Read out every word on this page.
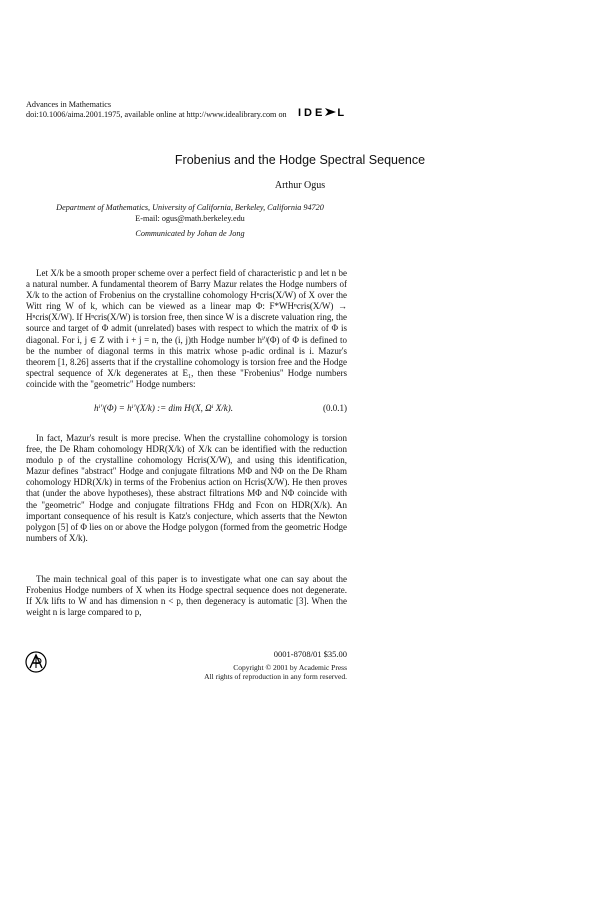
Advances in Mathematics
doi:10.1006/aima.2001.1975, available online at http://www.idealibrary.com on IDE L
Frobenius and the Hodge Spectral Sequence
Arthur Ogus
Department of Mathematics, University of California, Berkeley, California 94720
E-mail: ogus@math.berkeley.edu
Communicated by Johan de Jong

Let X/k be a smooth proper scheme over a perfect field of characteristic p and let n be a natural number. A fundamental theorem of Barry Mazur relates the Hodge numbers of X/k to the action of Frobenius on the crystalline cohomology Hⁿcris(X/W) of X over the Witt ring W of k, which can be viewed as a linear map Φ: F*WHⁿcris(X/W) → Hⁿcris(X/W). If Hⁿcris(X/W) is torsion free, then since W is a discrete valuation ring, the source and target of Φ admit (unrelated) bases with respect to which the matrix of Φ is diagonal. For i, j ∈ Z with i + j = n, the (i, j)th Hodge number hⁱ'ʲ(Φ) of Φ is defined to be the number of diagonal terms in this matrix whose p-adic ordinal is i. Mazur's theorem [1, 8.26] asserts that if the crystalline cohomology is torsion free and the Hodge spectral sequence of X/k degenerates at E₁, then these "Frobenius" Hodge numbers coincide with the "geometric" Hodge numbers:

hⁱ'ʲ(Φ) = hⁱ'ʲ(X/k) := dim Hʲ(X, Ωⁱ X/k).	(0.0.1)

In fact, Mazur's result is more precise. When the crystalline cohomology is torsion free, the De Rham cohomology HDR(X/k) of X/k can be identified with the reduction modulo p of the crystalline cohomology Hcris(X/W), and using this identification, Mazur defines "abstract" Hodge and conjugate filtrations MΦ and NΦ on the De Rham cohomology HDR(X/k) in terms of the Frobenius action on Hcris(X/W). He then proves that (under the above hypotheses), these abstract filtrations MΦ and NΦ coincide with the "geometric" Hodge and conjugate filtrations FHdg and Fcon on HDR(X/k). An important consequence of his result is Katz's conjecture, which asserts that the Newton polygon [5] of Φ lies on or above the Hodge polygon (formed from the geometric Hodge numbers of X/k).

The main technical goal of this paper is to investigate what one can say about the Frobenius Hodge numbers of X when its Hodge spectral sequence does not degenerate. If X/k lifts to W and has dimension n < p, then degeneracy is automatic [3]. When the weight n is large compared to p,

0001-8708/01 $35.00
Copyright © 2001 by Academic Press
All rights of reproduction in any form reserved.
